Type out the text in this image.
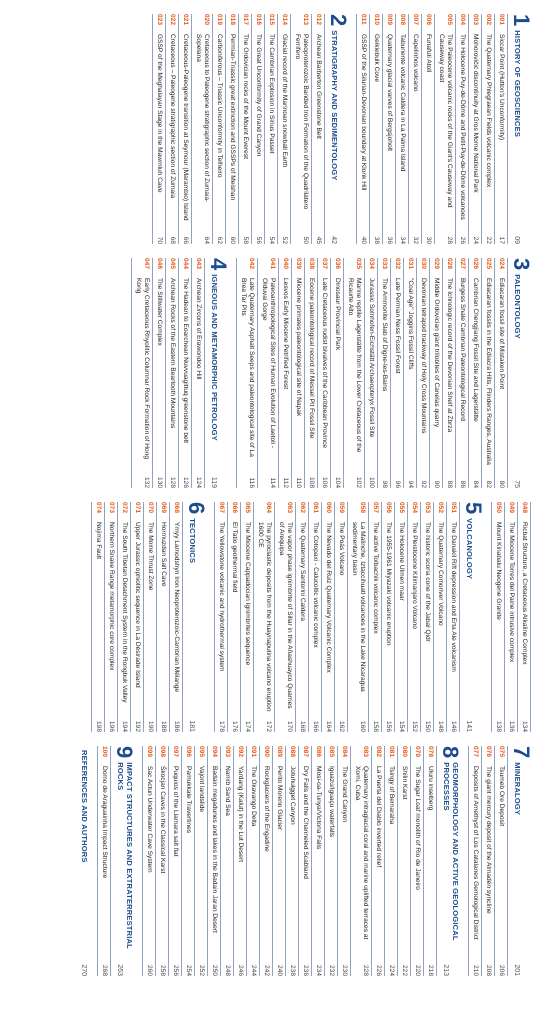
1
HISTORY OF GEOSCIENCES
09
001
Siccar Point (Hutton's Unconformity)
17
002
The Quaternary Phlegraean Fields volcanic complex
22
003
Mohorovičić discontinuity at Gros Morne National Park
24
004
The Holocene Puy-de-Dôme and Petit-Puy-de-Dôme volcanoes
26
005
The Paleocene volcanic rocks of the Giant's Causeway and Causeway coast
28
006
Funafuti Atoll
30
007
Capelinhos volcano
32
008
Taburiente volcanic Caldera in La Palma Island
34
009
Quaternary glacial varves of Bergsjoholt
36
010
Geikiebulk Cove
38
011
GSSP of the Silurian-Devonian boundary at Klonk Hill
40
2
STRATIGRAPHY AND SEDIMENTOLOGY
42
012
Archean Barberton Greenstone Belt
45
013
Paleoproterozoic Banded Iron Formation of the Quadrilátero Ferrífero
50
014
Glacial record of the Marinoan snowball Earth
52
015
The Cambrian Explosion in Sirius Passet
54
016
The Great Unconformity of Grand Canyon
56
017
The Ordovician rocks of the Mount Everest
58
018
Permian-Triassic great extinction and GSSPs of Meishan
60
019
Carboniferous – Triassic Unconformity in Telheiro
62
020
Cretaceous to Paleogene stratigraphic section of Zumaia-Sopelana
64
021
Cretaceous-Paleogene transition at Seymour (Marambio) Island
66
022
Cretaceous – Paleogene stratigraphic section of Zumaia
68
023
GSSP of the Meghalayan Stage in the Mawmluh Cave
70
3
PALEONTOLOGY
75
024
Ediacaran fossil site of Mistaken Point
80
025
Ediacaran fossils in the Ediacra Hills, Flinders Ranges, Australia
82
026
Cambrian Chengjiang Fossil Site and Lagerstätte
84
027
Burgess Shale Cambrian Paleontological Record
86
028
The Ichnologic record of the Devonian Shelf at Zbrza
88
029
Middle Ordovician giant trilobites of Canelas quarry
90
030
Devonian tetrapod trackway of Holy Cross Mountains
92
031
"Coal Age" Joggins Fossil Cliffs
94
032
Late Permian Ness Fossil Forest
96
033
The Ammonite Slab of Digne-les-Bains
98
034
Jurassic Solnhofen-Eichstätt Archaeopteryx Fossil Site
100
035
Marine reptile Lagerstätte from the Lower Cretaceous of the Ricaurte Alto
102
036
Dinosaur Provincial Park
104
037
Late Cretaceous rudist bivalves of the Caribbean Province
106
038
Eocene paleontological record of Messel Pit Fossil Site
108
039
Miocene primates paleontological site of Napak
110
040
Lesvos Early Miocene Petrified Forest
112
041
Paleoanthropological Sites of Human Evolution of Laetoli - Olduvai Gorge
114
042
Late Quaternary Asphalt Seeps and paleontological site of La Brea Tar Pits
116
4
IGNEOUS AND METAMORPHIC PETROLOGY
119
043
Archean Zircons of Erawondoo Hill
124
044
The Hadean to Eoarchean Nuvvuagittuq greenstone belt
126
045
Archean Rocks of the Eastern Beartooth Mountains
128
046
The Stillwater Complex
130
047
Early Cretaceous Rhyolitic Columnar Rock Formation of Hong Kong
132
048
Ricbat Structure, a Cretaceous Alkaline Complex
134
049
The Miocene Torres del Paine intrusive complex
136
050
Mount Kinabalu Neogene Granite
138
5
VOLCANOLOGY
141
051
The Danakil Rift depression and Erta Ale volcanism
146
052
The Quaternary Comoriver Volcano
148
053
The historic scoria cone of the Jabal Qidr
150
054
The Pleistocene Kilimanjaro Volcano
152
055
The Holocene Ulmen maar
154
056
The 1955-1961 Miyazaki volcanic eruption
156
057
The active Tolbachik volcanic complex
158
058
La Malinche, Iztaccihuatl volcanoes in the Lake Nicaragua sedimentary basin
160
059
The Poás Volcano
162
060
The Nevado del Ruiz Quaternary Volcanic Complex
164
061
The Cotopaxi - Calucoltic volcanic complex
166
062
The Quaternary Santorini Caldera
168
063
The vapor phase ignimbrite of Sillar in the Añashuayco Quarries of Arequipa
170
064
The pyroclastic deposits from the Huaynaputina volcano eruption 1600 CE
172
065
The Miocene Cappadocian Ignimbrites sequence
174
066
El Tatio geothermal field
176
067
The Yellowstone volcanic and hydrothermal system
178
6
TECTONICS
181
068
Ymyy Lamodshyn Iron Neoproterozoic-Cambrian Mélange
186
069
Hormuzdan Salt Cave
188
070
The Moine Thrust Zone
190
071
Upper Jurassic ophiolitic sequence in La Désirade Island
192
072
The South Tibetan Detachment System in the Rongbuk Valley
194
073
Northern Snake Range metamorphic core complex
196
074
Nojima Fault
198
7
MINERALOGY
201
075
Tsumeb Ore Deposit
206
076
The giant mercury deposit of the Almadén syncline
208
077
Deposits of Amethyst of Los Catalanes Gemological District
210
8
GEOMORPHOLOGY AND ACTIVE GEOLOGICAL PROCESSES
213
078
Uluru inselberg
218
079
The Sugar Loaf monolith of Rio de Janeiro
220
080
Shilin Karst
222
081
Tsingy of Bemaraha
224
082
La Puerta del Diablo inverted relief
226
083
Quaternary intraglacial coral and marine uplifted terraces at Xomi, Cuba
228
084
The Grand Canyon
230
085
Iguazú/Iguaçu waterfalls
232
086
Mosi-oa-Tunya/Victoria Falls
234
087
Dry Falls and the Channeled Scabland
236
088
Jotuhulgget Canyon
238
089
Perito Moreno Glacier
240
090
Rockglaciers of the Engadine
242
091
The Okavango Delta
244
092
Yardang (Kalut) in the Lut Desert
246
093
Namib Sand Sea
248
094
Badain megadunes and lakes in the Badain Jaran Desert
250
095
Vajont landslide
252
096
Pamukkale Travertines
254
097
Puquios of the Llamara salt flat
256
098
Škocjan Caves in the Classical Karst
258
099
Sac Actun Underwater Cave System
260
9
IMPACT STRUCTURES AND EXTRATERRESTRIAL ROCKS
263
100
Domo de Araguainha Impact Structure
268
REFERENCES AND AUTHORS
270
